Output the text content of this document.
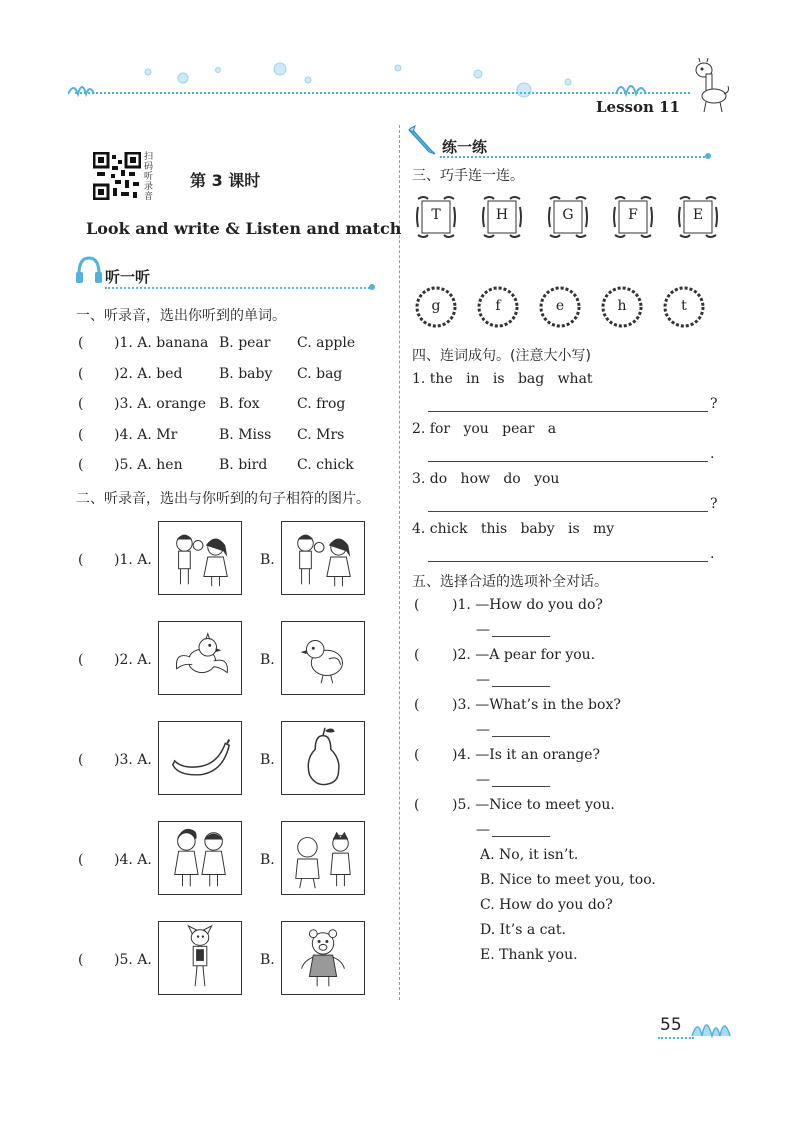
Lesson 11
扫码听录音
第 3 课时
Look and write & Listen and match
听一听
一、听录音，选出你听到的单词。
( )1. A. banana B. pear C. apple
( )2. A. bed	B. baby C. bag
( )3. A. orange B. fox	C. frog
( )4. A. Mr	B. Miss C. Mrs
( )5. A. hen	B. bird C. chick
二、听录音，选出与你听到的句子相符的图片。
( )1. A.	B.
( )2. A.	B.
( )3. A.	B.
( )4. A.	B.
( )5. A.	B.
练一练
三、巧手连一连。
T	H	G	F	E
g	f	e	h	t
四、连词成句。(注意大小写)
1. the   in   is   bag   what
?
2. for   you   pear   a
.
3. do   how   do   you
?
4. chick   this   baby   is   my
.
五、选择合适的选项补全对话。
( )1. —How do you do?
—
( )2. —A pear for you.
—
( )3. —What’s in the box?
—
( )4. —Is it an orange?
—
( )5. —Nice to meet you.
—
A. No, it isn’t.
B. Nice to meet you, too.
C. How do you do?
D. It’s a cat.
E. Thank you.
55
